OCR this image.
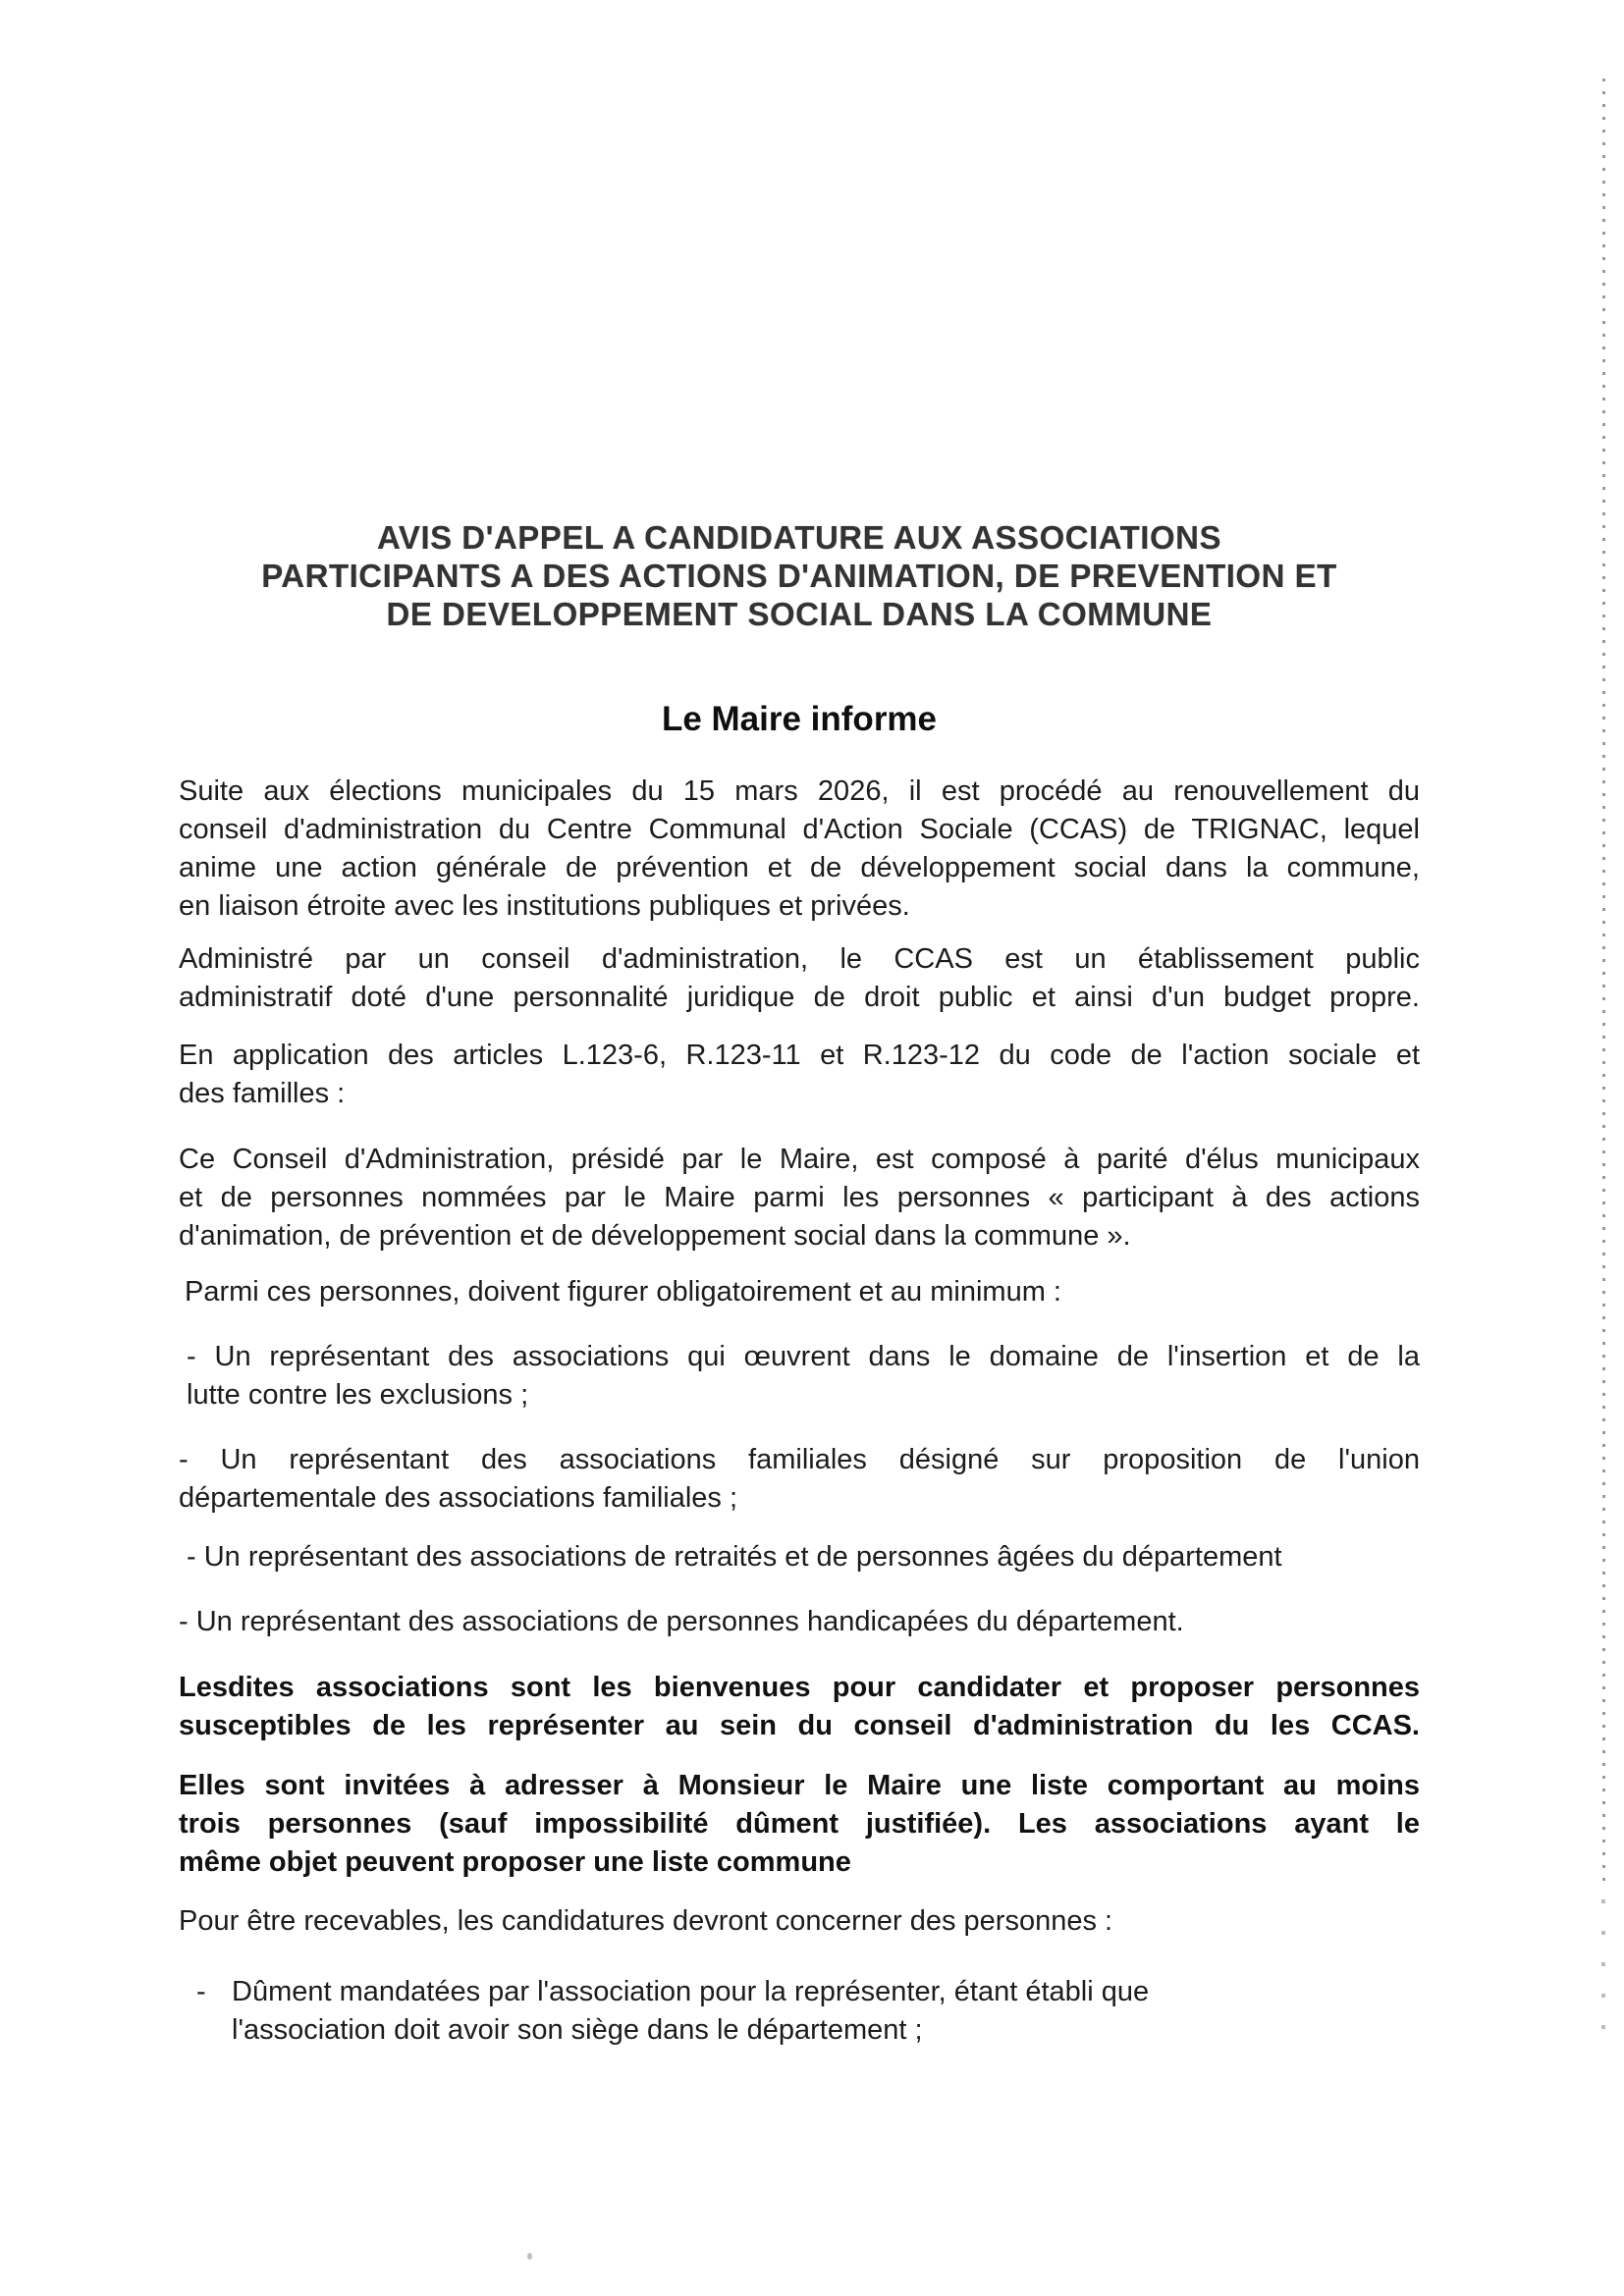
AVIS D'APPEL A CANDIDATURE AUX ASSOCIATIONS
PARTICIPANTS A DES ACTIONS D'ANIMATION, DE PREVENTION ET
DE DEVELOPPEMENT SOCIAL DANS LA COMMUNE
Le Maire informe

Suite aux élections municipales du 15 mars 2026, il est procédé au renouvellement du
conseil d'administration du Centre Communal d'Action Sociale (CCAS) de TRIGNAC, lequel
anime une action générale de prévention et de développement social dans la commune,
en liaison étroite avec les institutions publiques et privées.

Administré par un conseil d'administration, le CCAS est un établissement public
administratif doté d'une personnalité juridique de droit public et ainsi d'un budget propre.

En application des articles L.123-6, R.123-11 et R.123-12 du code de l'action sociale et
des familles :

Ce Conseil d'Administration, présidé par le Maire, est composé à parité d'élus municipaux
et de personnes nommées par le Maire parmi les personnes « participant à des actions
d'animation, de prévention et de développement social dans la commune ».

Parmi ces personnes, doivent figurer obligatoirement et au minimum :

- Un représentant des associations qui œuvrent dans le domaine de l'insertion et de la
lutte contre les exclusions ;

- Un représentant des associations familiales désigné sur proposition de l'union
départementale des associations familiales ;

- Un représentant des associations de retraités et de personnes âgées du département

- Un représentant des associations de personnes handicapées du département.

Lesdites associations sont les bienvenues pour candidater et proposer personnes
susceptibles de les représenter au sein du conseil d'administration du les CCAS.

Elles sont invitées à adresser à Monsieur le Maire une liste comportant au moins
trois personnes (sauf impossibilité dûment justifiée). Les associations ayant le
même objet peuvent proposer une liste commune

Pour être recevables, les candidatures devront concerner des personnes :

- Dûment mandatées par l'association pour la représenter, étant établi que
l'association doit avoir son siège dans le département ;
